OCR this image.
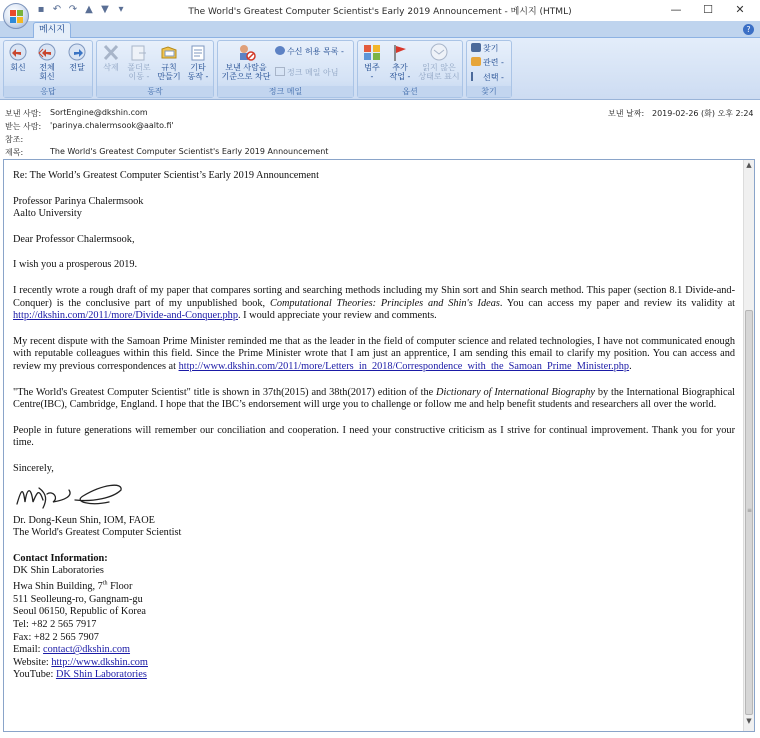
▪ ↶ ↷ ▲ ▼ ▾	The World's Greatest Computer Scientist's Early 2019 Announcement - 메시지 (HTML)	—	☐	✕
메시지	?
회신	전체
회신
전달
응답
삭제	폴더로
이동 -
규칙
만들기
기타
동작 -
동작
보낸 사람을
기준으로 차단
수신 허용 목록 -
정크 메일 아님
정크 메일
범주
-
추가
작업 -
읽지 않은
상태로 표시
옵션
찾기
관련 -
선택 -
찾기
보낸 사람: SortEngine@dkshin.com
받는 사람: 'parinya.chalermsook@aalto.fi'
참조:
제목:	The World's Greatest Computer Scientist's Early 2019 Announcement
보낸 날짜: 2019-02-26 (화) 오후 2:24

Re: The World’s Greatest Computer Scientist’s Early 2019 Announcement

Professor Parinya Chalermsook
Aalto University

Dear Professor Chalermsook,

I wish you a prosperous 2019.

I recently wrote a rough draft of my paper that compares sorting and searching methods including my Shin sort and Shin search method. This paper (section 8.1 Divide-and-Conquer) is the conclusive part of my unpublished book, Computational Theories: Principles and Shin's Ideas. You can access my paper and review its validity at http://dkshin.com/2011/more/Divide-and-Conquer.php. I would appreciate your review and comments.

My recent dispute with the Samoan Prime Minister reminded me that as the leader in the field of computer science and related technologies, I have not communicated enough with reputable colleagues within this field. Since the Prime Minister wrote that I am just an apprentice, I am sending this email to clarify my position. You can access and review my previous correspondences at http://www.dkshin.com/2011/more/Letters_in_2018/Correspondence_with_the_Samoan_Prime_Minister.php.

"The World's Greatest Computer Scientist" title is shown in 37th(2015) and 38th(2017) edition of the Dictionary of International Biography by the International Biographical Centre(IBC), Cambridge, England. I hope that the IBC’s endorsement will urge you to challenge or follow me and help benefit students and researchers all over the world.

People in future generations will remember our conciliation and cooperation. I need your constructive criticism as I strive for continual improvement. Thank you for your time.

Sincerely,

Dr. Dong-Keun Shin, IOM, FAOE
The World's Greatest Computer Scientist

Contact Information:
DK Shin Laboratories
Hwa Shin Building, 7th Floor
511 Seolleung-ro, Gangnam-gu
Seoul 06150, Republic of Korea
Tel: +82 2 565 7917
Fax: +82 2 565 7907
Email: contact@dkshin.com
Website: http://www.dkshin.com
YouTube: DK Shin Laboratories

▲
≡
▼
